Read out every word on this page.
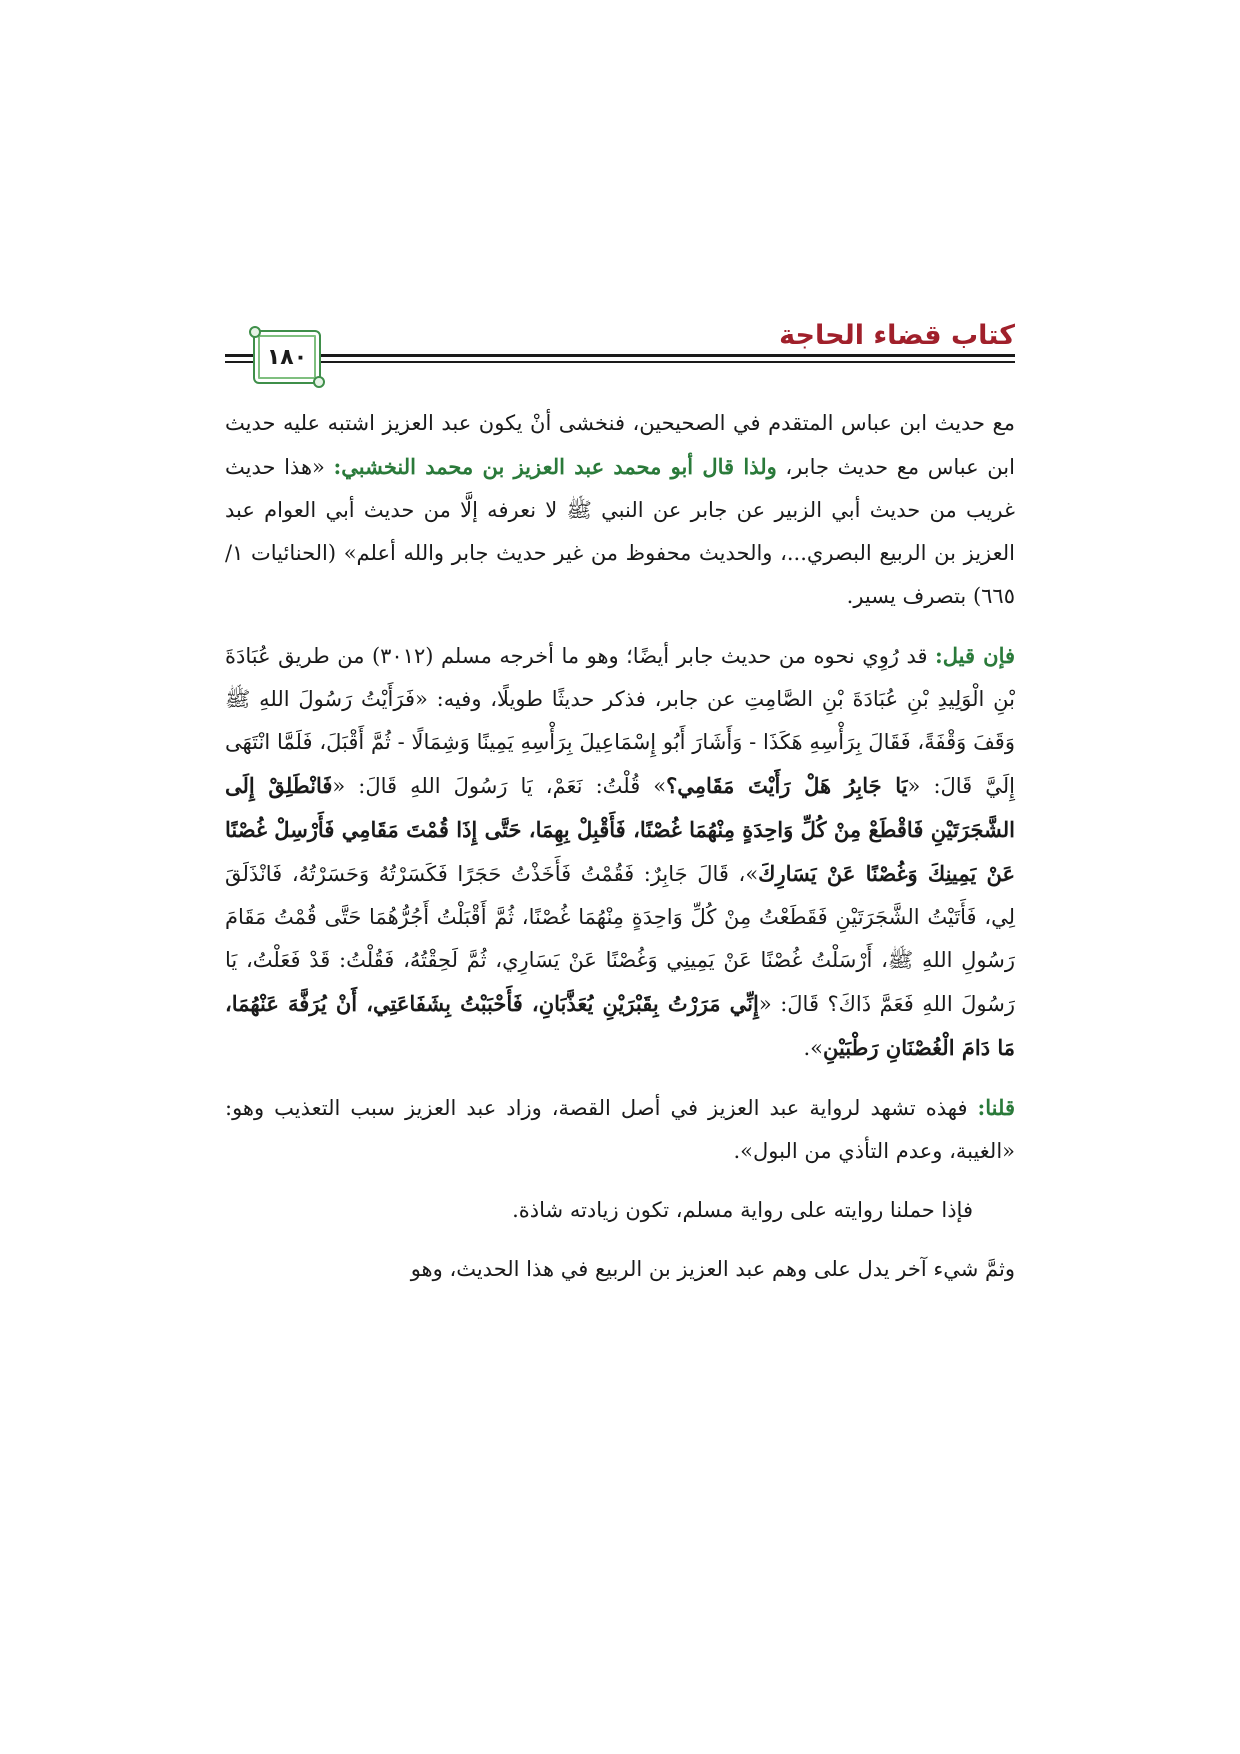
كتاب قضاء الحاجة
١٨٠

مع حديث ابن عباس المتقدم في الصحيحين، فنخشى أنْ يكون عبد العزيز اشتبه عليه حديث ابن عباس مع حديث جابر، ولذا قال أبو محمد عبد العزيز بن محمد النخشبي: «هذا حديث غريب من حديث أبي الزبير عن جابر عن النبي ﷺ لا نعرفه إلَّا من حديث أبي العوام عبد العزيز بن الربيع البصري...، والحديث محفوظ من غير حديث جابر والله أعلم» (الحنائيات ١/ ٦٦٥) بتصرف يسير.

فإن قيل: قد رُوِي نحوه من حديث جابر أيضًا؛ وهو ما أخرجه مسلم (٣٠١٢) من طريق عُبَادَةَ بْنِ الْوَلِيدِ بْنِ عُبَادَةَ بْنِ الصَّامِتِ عن جابر، فذكر حديثًا طويلًا، وفيه: «فَرَأَيْتُ رَسُولَ اللهِ ﷺ وَقَفَ وَقْفَةً، فَقَالَ بِرَأْسِهِ هَكَذَا - وَأَشَارَ أَبُو إِسْمَاعِيلَ بِرَأْسِهِ يَمِينًا وَشِمَالًا - ثُمَّ أَقْبَلَ، فَلَمَّا انْتَهَى إِلَيَّ قَالَ: «يَا جَابِرُ هَلْ رَأَيْتَ مَقَامِي؟» قُلْتُ: نَعَمْ، يَا رَسُولَ اللهِ قَالَ: «فَانْطَلِقْ إِلَى الشَّجَرَتَيْنِ فَاقْطَعْ مِنْ كُلِّ وَاحِدَةٍ مِنْهُمَا غُصْنًا، فَأَقْبِلْ بِهِمَا، حَتَّى إِذَا قُمْتَ مَقَامِي فَأَرْسِلْ غُصْنًا عَنْ يَمِينِكَ وَغُصْنًا عَنْ يَسَارِكَ»، قَالَ جَابِرٌ: فَقُمْتُ فَأَخَذْتُ حَجَرًا فَكَسَرْتُهُ وَحَسَرْتُهُ، فَانْذَلَقَ لِي، فَأَتَيْتُ الشَّجَرَتَيْنِ فَقَطَعْتُ مِنْ كُلِّ وَاحِدَةٍ مِنْهُمَا غُصْنًا، ثُمَّ أَقْبَلْتُ أَجُرُّهُمَا حَتَّى قُمْتُ مَقَامَ رَسُولِ اللهِ ﷺ، أَرْسَلْتُ غُصْنًا عَنْ يَمِينِي وَغُصْنًا عَنْ يَسَارِي، ثُمَّ لَحِقْتُهُ، فَقُلْتُ: قَدْ فَعَلْتُ، يَا رَسُولَ اللهِ فَعَمَّ ذَاكَ؟ قَالَ: «إِنِّي مَرَرْتُ بِقَبْرَيْنِ يُعَذَّبَانِ، فَأَحْبَبْتُ بِشَفَاعَتِي، أَنْ يُرَفَّهَ عَنْهُمَا، مَا دَامَ الْغُصْنَانِ رَطْبَيْنِ».

قلنا: فهذه تشهد لرواية عبد العزيز في أصل القصة، وزاد عبد العزيز سبب التعذيب وهو: «الغيبة، وعدم التأذي من البول».

فإذا حملنا روايته على رواية مسلم، تكون زيادته شاذة.

وثمَّ شيء آخر يدل على وهم عبد العزيز بن الربيع في هذا الحديث، وهو
